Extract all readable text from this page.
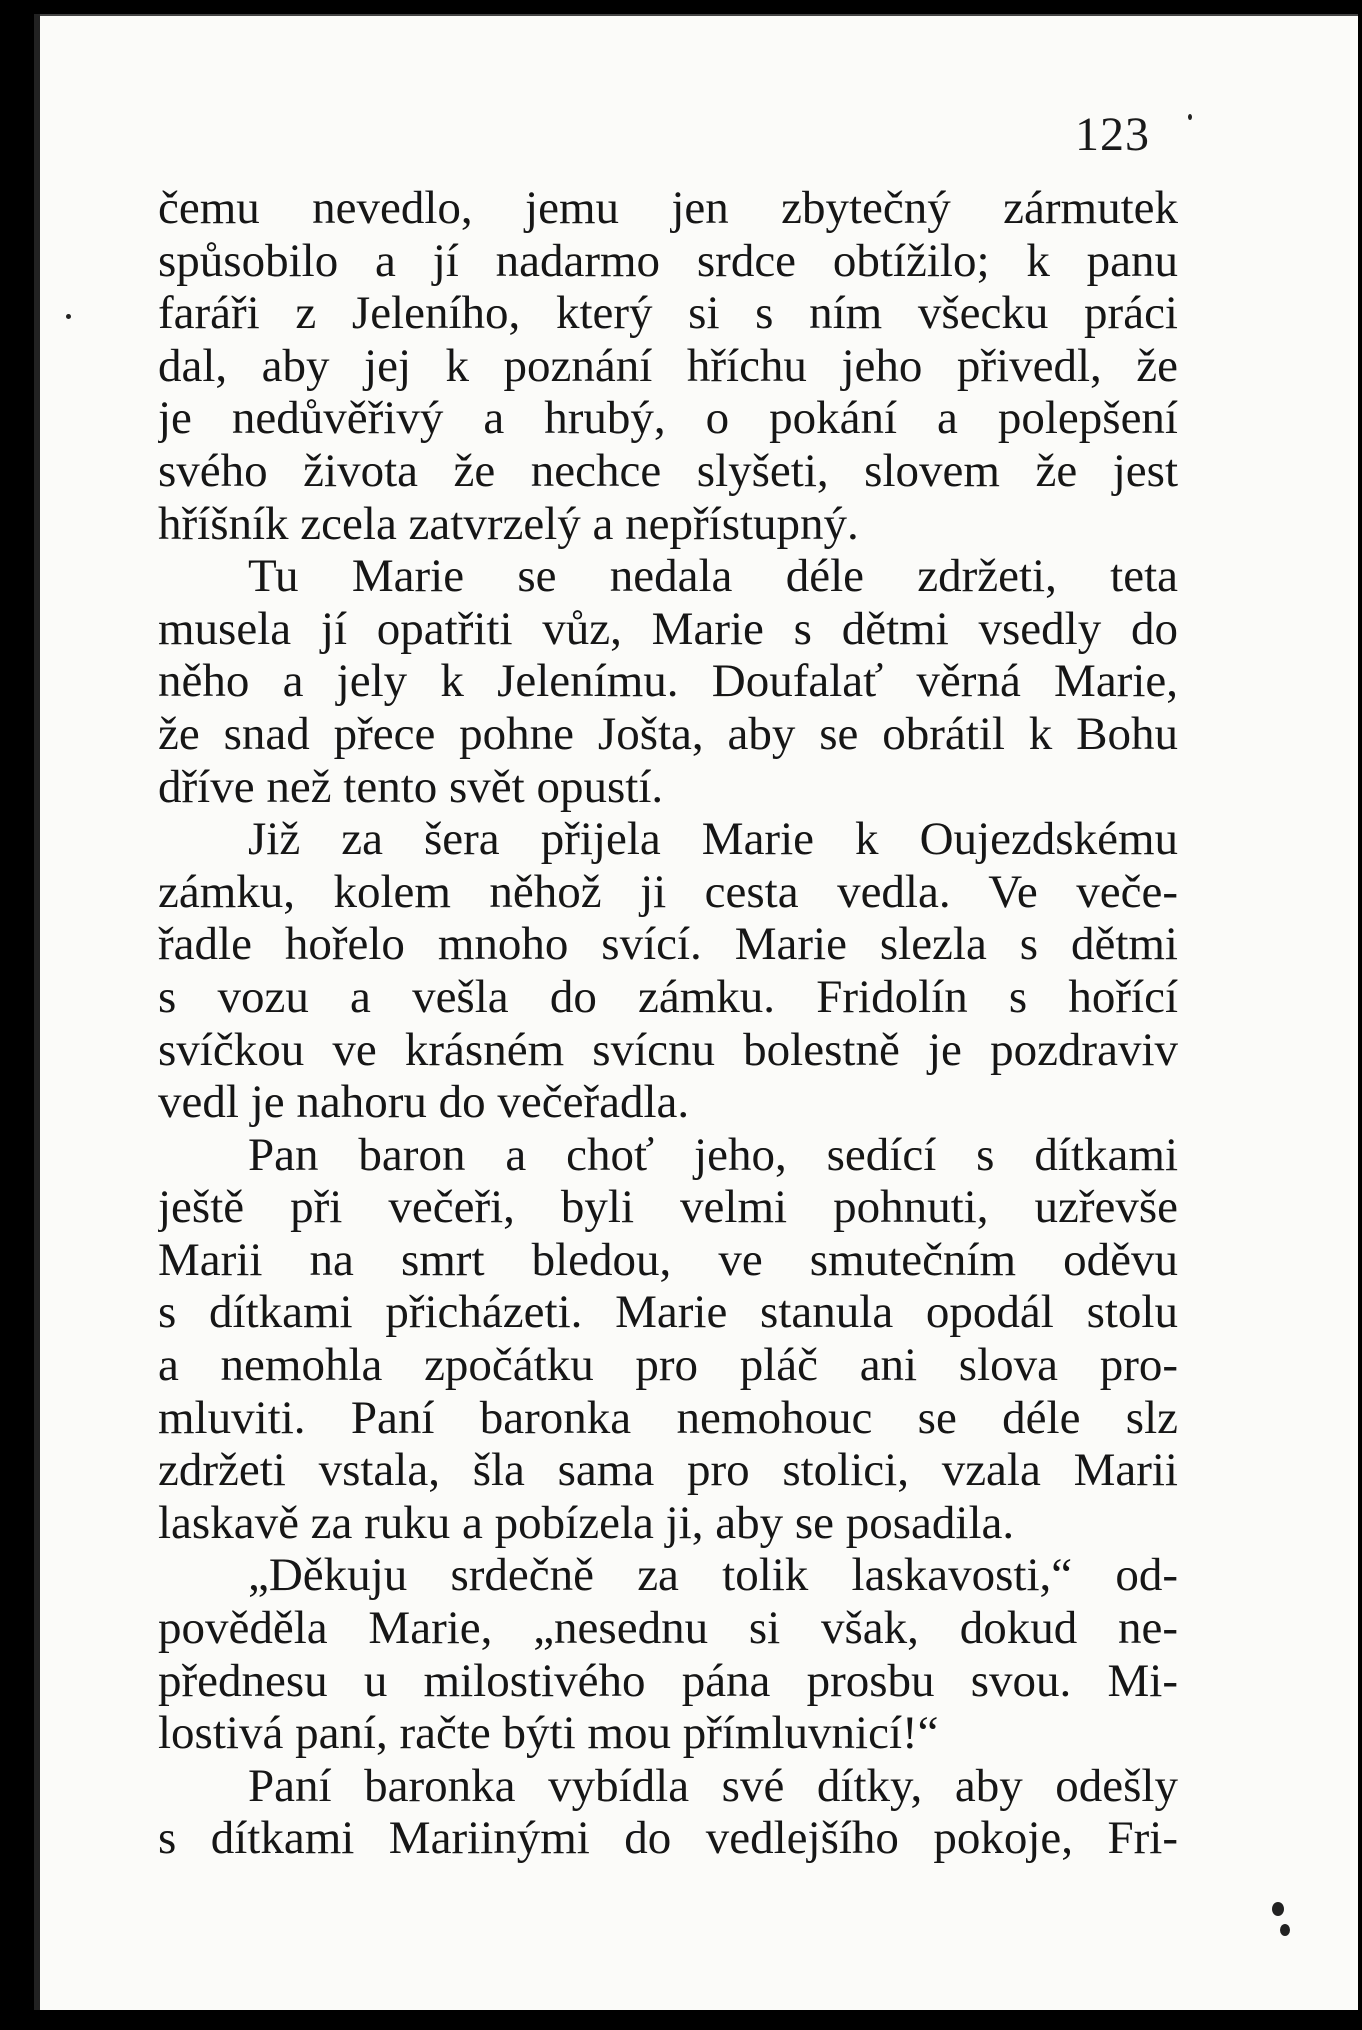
123
čemu nevedlo, jemu jen zbytečný zármutek
spůsobilo a jí nadarmo srdce obtížilo; k panu
faráři z Jeleního, který si s ním všecku práci
dal, aby jej k poznání hříchu jeho přivedl, že
je nedůvěřivý a hrubý, o pokání a polepšení
svého života že nechce slyšeti, slovem že jest
hříšník zcela zatvrzelý a nepřístupný.
Tu Marie se nedala déle zdržeti, teta
musela jí opatřiti vůz, Marie s dětmi vsedly do
něho a jely k Jelenímu. Doufalať věrná Marie,
že snad přece pohne Jošta, aby se obrátil k Bohu
dříve než tento svět opustí.
Již za šera přijela Marie k Oujezdskému
zámku, kolem něhož ji cesta vedla. Ve veče-
řadle hořelo mnoho svící. Marie slezla s dětmi
s vozu a vešla do zámku. Fridolín s hořící
svíčkou ve krásném svícnu bolestně je pozdraviv
vedl je nahoru do večeřadla.
Pan baron a choť jeho, sedící s dítkami
ještě při večeři, byli velmi pohnuti, uzřevše
Marii na smrt bledou, ve smutečním oděvu
s dítkami přicházeti. Marie stanula opodál stolu
a nemohla zpočátku pro pláč ani slova pro-
mluviti. Paní baronka nemohouc se déle slz
zdržeti vstala, šla sama pro stolici, vzala Marii
laskavě za ruku a pobízela ji, aby se posadila.
„Děkuju srdečně za tolik laskavosti,“ od-
pověděla Marie, „nesednu si však, dokud ne-
přednesu u milostivého pána prosbu svou. Mi-
lostivá paní, račte býti mou přímluvnicí!“
Paní baronka vybídla své dítky, aby odešly
s dítkami Mariinými do vedlejšího pokoje, Fri-
